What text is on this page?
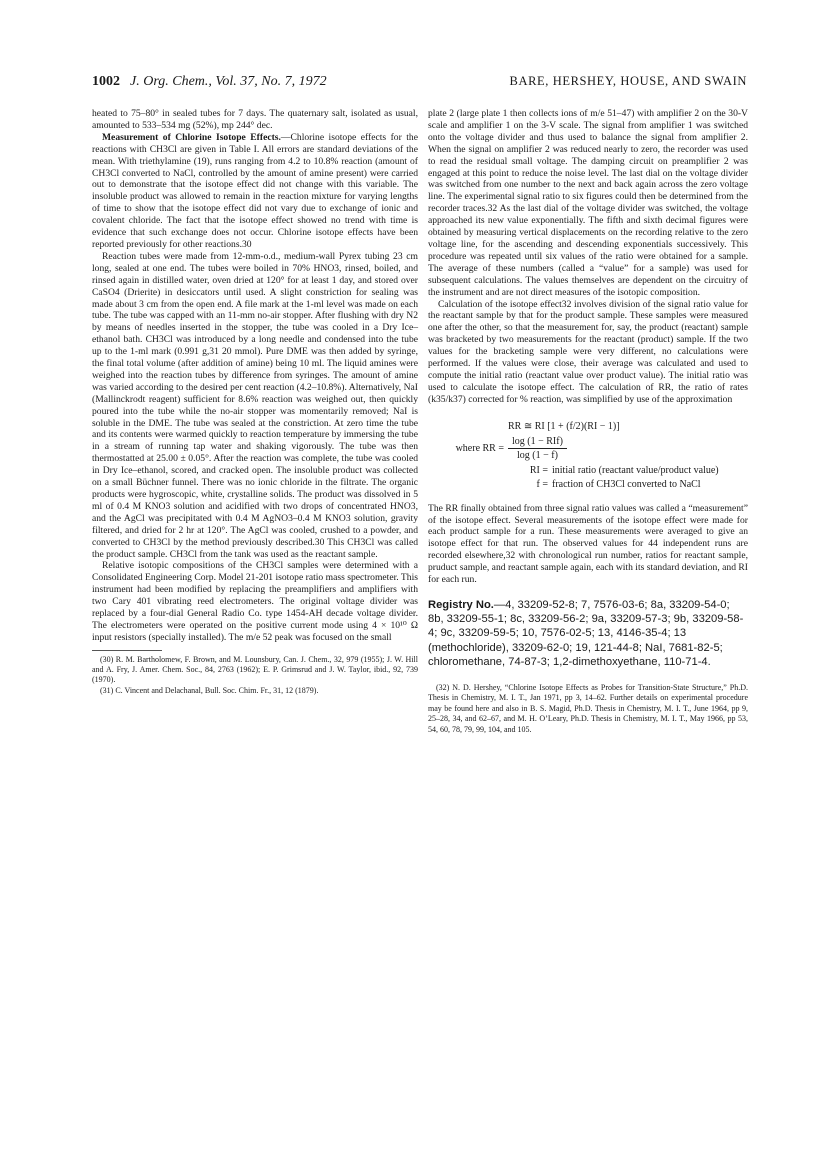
1002 J. Org. Chem., Vol. 37, No. 7, 1972	BARE, HERSHEY, HOUSE, AND SWAIN

heated to 75–80° in sealed tubes for 7 days. The quaternary salt, isolated as usual, amounted to 533–534 mg (52%), mp 244° dec.

Measurement of Chlorine Isotope Effects.—Chlorine isotope effects for the reactions with CH3Cl are given in Table I. All errors are standard deviations of the mean. With triethylamine (19), runs ranging from 4.2 to 10.8% reaction (amount of CH3Cl converted to NaCl, controlled by the amount of amine present) were carried out to demonstrate that the isotope effect did not change with this variable. The insoluble product was allowed to remain in the reaction mixture for varying lengths of time to show that the isotope effect did not vary due to exchange of ionic and covalent chloride. The fact that the isotope effect showed no trend with time is evidence that such exchange does not occur. Chlorine isotope effects have been reported previously for other reactions.30

Reaction tubes were made from 12-mm-o.d., medium-wall Pyrex tubing 23 cm long, sealed at one end. The tubes were boiled in 70% HNO3, rinsed, boiled, and rinsed again in distilled water, oven dried at 120° for at least 1 day, and stored over CaSO4 (Drierite) in desiccators until used. A slight constriction for sealing was made about 3 cm from the open end. A file mark at the 1-ml level was made on each tube. The tube was capped with an 11-mm no-air stopper. After flushing with dry N2 by means of needles inserted in the stopper, the tube was cooled in a Dry Ice–ethanol bath. CH3Cl was introduced by a long needle and condensed into the tube up to the 1-ml mark (0.991 g,31 20 mmol). Pure DME was then added by syringe, the final total volume (after addition of amine) being 10 ml. The liquid amines were weighed into the reaction tubes by difference from syringes. The amount of amine was varied according to the desired per cent reaction (4.2–10.8%). Alternatively, NaI (Mallinckrodt reagent) sufficient for 8.6% reaction was weighed out, then quickly poured into the tube while the no-air stopper was momentarily removed; NaI is soluble in the DME. The tube was sealed at the constriction. At zero time the tube and its contents were warmed quickly to reaction temperature by immersing the tube in a stream of running tap water and shaking vigorously. The tube was then thermostatted at 25.00 ± 0.05°. After the reaction was complete, the tube was cooled in Dry Ice–ethanol, scored, and cracked open. The insoluble product was collected on a small Büchner funnel. There was no ionic chloride in the filtrate. The organic products were hygroscopic, white, crystalline solids. The product was dissolved in 5 ml of 0.4 M KNO3 solution and acidified with two drops of concentrated HNO3, and the AgCl was precipitated with 0.4 M AgNO3–0.4 M KNO3 solution, gravity filtered, and dried for 2 hr at 120°. The AgCl was cooled, crushed to a powder, and converted to CH3Cl by the method previously described.30 This CH3Cl was called the product sample. CH3Cl from the tank was used as the reactant sample.

Relative isotopic compositions of the CH3Cl samples were determined with a Consolidated Engineering Corp. Model 21-201 isotope ratio mass spectrometer. This instrument had been modified by replacing the preamplifiers and amplifiers with two Cary 401 vibrating reed electrometers. The original voltage divider was replaced by a four-dial General Radio Co. type 1454-AH decade voltage divider. The electrometers were operated on the positive current mode using 4 × 10¹⁰ Ω input resistors (specially installed). The m/e 52 peak was focused on the small

(30) R. M. Bartholomew, F. Brown, and M. Lounsbury, Can. J. Chem., 32, 979 (1955); J. W. Hill and A. Fry, J. Amer. Chem. Soc., 84, 2763 (1962); E. P. Grimsrud and J. W. Taylor, ibid., 92, 739 (1970).

(31) C. Vincent and Delachanal, Bull. Soc. Chim. Fr., 31, 12 (1879).

plate 2 (large plate 1 then collects ions of m/e 51–47) with amplifier 2 on the 30-V scale and amplifier 1 on the 3-V scale. The signal from amplifier 1 was switched onto the voltage divider and thus used to balance the signal from amplifier 2. When the signal on amplifier 2 was reduced nearly to zero, the recorder was used to read the residual small voltage. The damping circuit on preamplifier 2 was engaged at this point to reduce the noise level. The last dial on the voltage divider was switched from one number to the next and back again across the zero voltage line. The experimental signal ratio to six figures could then be determined from the recorder traces.32 As the last dial of the voltage divider was switched, the voltage approached its new value exponentially. The fifth and sixth decimal figures were obtained by measuring vertical displacements on the recording relative to the zero voltage line, for the ascending and descending exponentials successively. This procedure was repeated until six values of the ratio were obtained for a sample. The average of these numbers (called a “value” for a sample) was used for subsequent calculations. The values themselves are dependent on the circuitry of the instrument and are not direct measures of the isotopic composition.

Calculation of the isotope effect32 involves division of the signal ratio value for the reactant sample by that for the product sample. These samples were measured one after the other, so that the measurement for, say, the product (reactant) sample was bracketed by two measurements for the reactant (product) sample. If the two values for the bracketing sample were very different, no calculations were performed. If the values were close, their average was calculated and used to compute the initial ratio (reactant value over product value). The initial ratio was used to calculate the isotope effect. The calculation of RR, the ratio of rates (k35/k37) corrected for % reaction, was simplified by use of the approximation

RR ≅ RI [1 + (f/2)(RI − 1)]
where RR = $\frac{\text{log (1 − RIf)}}{\log (1 - f)}$
RI = initial ratio (reactant value/product value)
f = fraction of CH3Cl converted to NaCl

The RR finally obtained from three signal ratio values was called a “measurement” of the isotope effect. Several measurements of the isotope effect were made for each product sample for a run. These measurements were averaged to give an isotope effect for that run. The observed values for 44 independent runs are recorded elsewhere,32 with chronological run number, ratios for reactant sample, pruduct sample, and reactant sample again, each with its standard deviation, and RI for each run.

Registry No.—4, 33209-52-8; 7, 7576-03-6; 8a, 33209-54-0; 8b, 33209-55-1; 8c, 33209-56-2; 9a, 33209-57-3; 9b, 33209-58-4; 9c, 33209-59-5; 10, 7576-02-5; 13, 4146-35-4; 13 (methochloride), 33209-62-0; 19, 121-44-8; NaI, 7681-82-5; chloromethane, 74-87-3; 1,2-dimethoxyethane, 110-71-4.

(32) N. D. Hershey, “Chlorine Isotope Effects as Probes for Transition-State Structure,” Ph.D. Thesis in Chemistry, M. I. T., Jan 1971, pp 3, 14–62. Further details on experimental procedure may be found here and also in B. S. Magid, Ph.D. Thesis in Chemistry, M. I. T., June 1964, pp 9, 25–28, 34, and 62–67, and M. H. O’Leary, Ph.D. Thesis in Chemistry, M. I. T., May 1966, pp 53, 54, 60, 78, 79, 99, 104, and 105.
